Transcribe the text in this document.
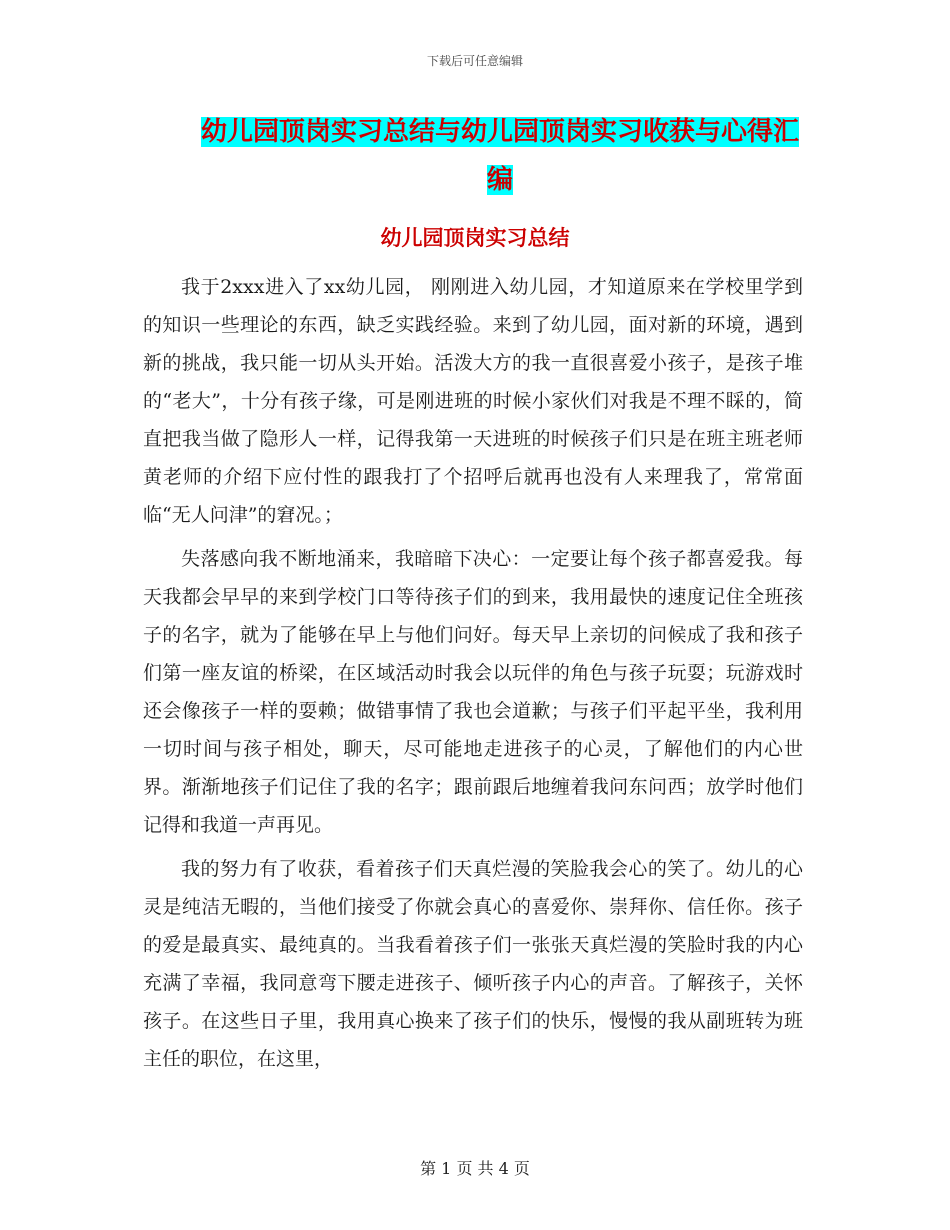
下载后可任意编辑
幼儿园顶岗实习总结与幼儿园顶岗实习收获与心得汇编
幼儿园顶岗实习总结

我于2xxx进入了xx幼儿园， 刚刚进入幼儿园，才知道原来在学校里学到的知识一些理论的东西，缺乏实践经验。来到了幼儿园，面对新的环境，遇到新的挑战，我只能一切从头开始。活泼大方的我一直很喜爱小孩子，是孩子堆的“老大”，十分有孩子缘，可是刚进班的时候小家伙们对我是不理不睬的，简直把我当做了隐形人一样，记得我第一天进班的时候孩子们只是在班主班老师黄老师的介绍下应付性的跟我打了个招呼后就再也没有人来理我了，常常面临“无人问津”的窘况。；

失落感向我不断地涌来，我暗暗下决心：一定要让每个孩子都喜爱我。每天我都会早早的来到学校门口等待孩子们的到来，我用最快的速度记住全班孩子的名字，就为了能够在早上与他们问好。每天早上亲切的问候成了我和孩子们第一座友谊的桥梁，在区域活动时我会以玩伴的角色与孩子玩耍；玩游戏时还会像孩子一样的耍赖；做错事情了我也会道歉；与孩子们平起平坐，我利用一切时间与孩子相处，聊天，尽可能地走进孩子的心灵，了解他们的内心世界。渐渐地孩子们记住了我的名字；跟前跟后地缠着我问东问西；放学时他们记得和我道一声再见。

我的努力有了收获，看着孩子们天真烂漫的笑脸我会心的笑了。幼儿的心灵是纯洁无暇的，当他们接受了你就会真心的喜爱你、崇拜你、信任你。孩子的爱是最真实、最纯真的。当我看着孩子们一张张天真烂漫的笑脸时我的内心充满了幸福，我同意弯下腰走进孩子、倾听孩子内心的声音。了解孩子，关怀孩子。在这些日子里，我用真心换来了孩子们的快乐，慢慢的我从副班转为班主任的职位，在这里，

第 1 页 共 4 页
